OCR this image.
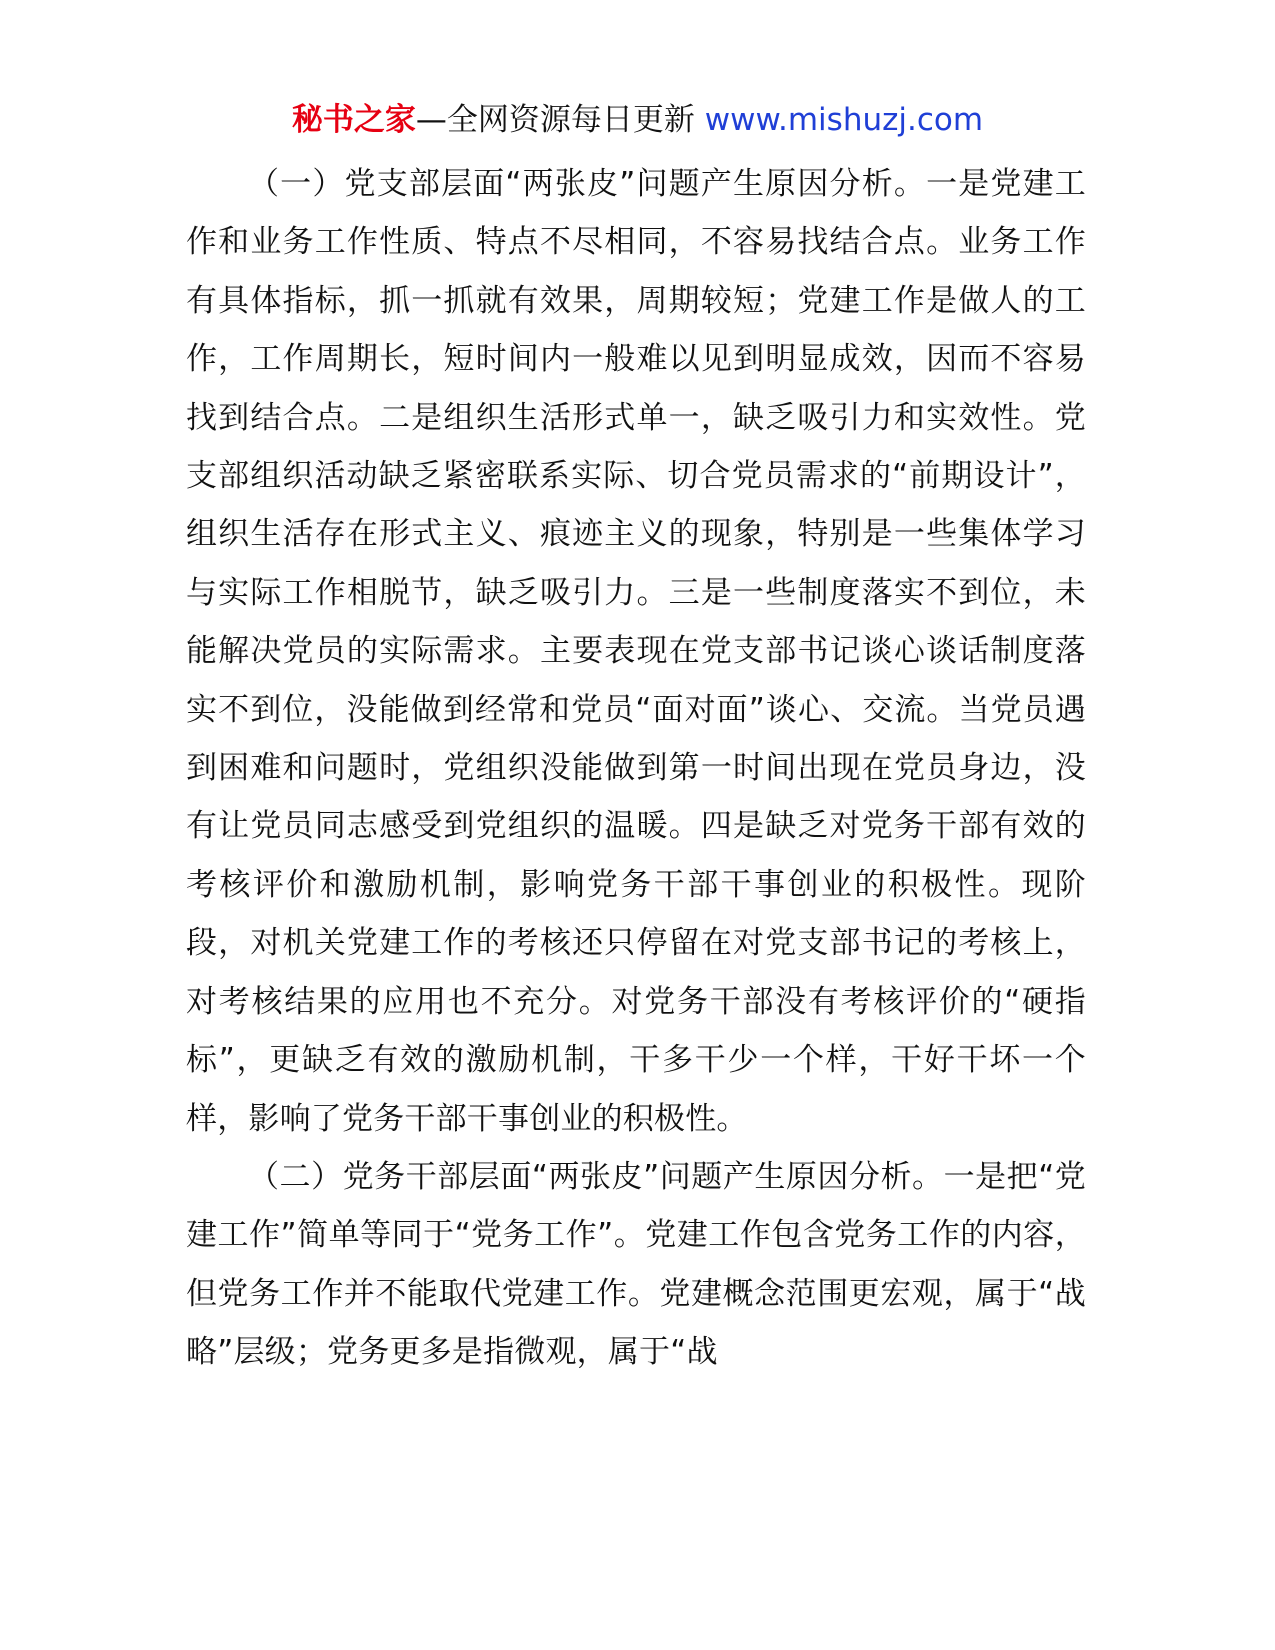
秘书之家—全网资源每日更新 www.mishuzj.com

（一）党支部层面“两张皮”问题产生原因分析。一是党建工作和业务工作性质、特点不尽相同，不容易找结合点。业务工作有具体指标，抓一抓就有效果，周期较短；党建工作是做人的工作，工作周期长，短时间内一般难以见到明显成效，因而不容易找到结合点。二是组织生活形式单一，缺乏吸引力和实效性。党支部组织活动缺乏紧密联系实际、切合党员需求的“前期设计”，组织生活存在形式主义、痕迹主义的现象，特别是一些集体学习与实际工作相脱节，缺乏吸引力。三是一些制度落实不到位，未能解决党员的实际需求。主要表现在党支部书记谈心谈话制度落实不到位，没能做到经常和党员“面对面”谈心、交流。当党员遇到困难和问题时，党组织没能做到第一时间出现在党员身边，没有让党员同志感受到党组织的温暖。四是缺乏对党务干部有效的考核评价和激励机制，影响党务干部干事创业的积极性。现阶段，对机关党建工作的考核还只停留在对党支部书记的考核上，对考核结果的应用也不充分。对党务干部没有考核评价的“硬指标”，更缺乏有效的激励机制，干多干少一个样，干好干坏一个样，影响了党务干部干事创业的积极性。

（二）党务干部层面“两张皮”问题产生原因分析。一是把“党建工作”简单等同于“党务工作”。党建工作包含党务工作的内容，但党务工作并不能取代党建工作。党建概念范围更宏观，属于“战略”层级；党务更多是指微观，属于“战
